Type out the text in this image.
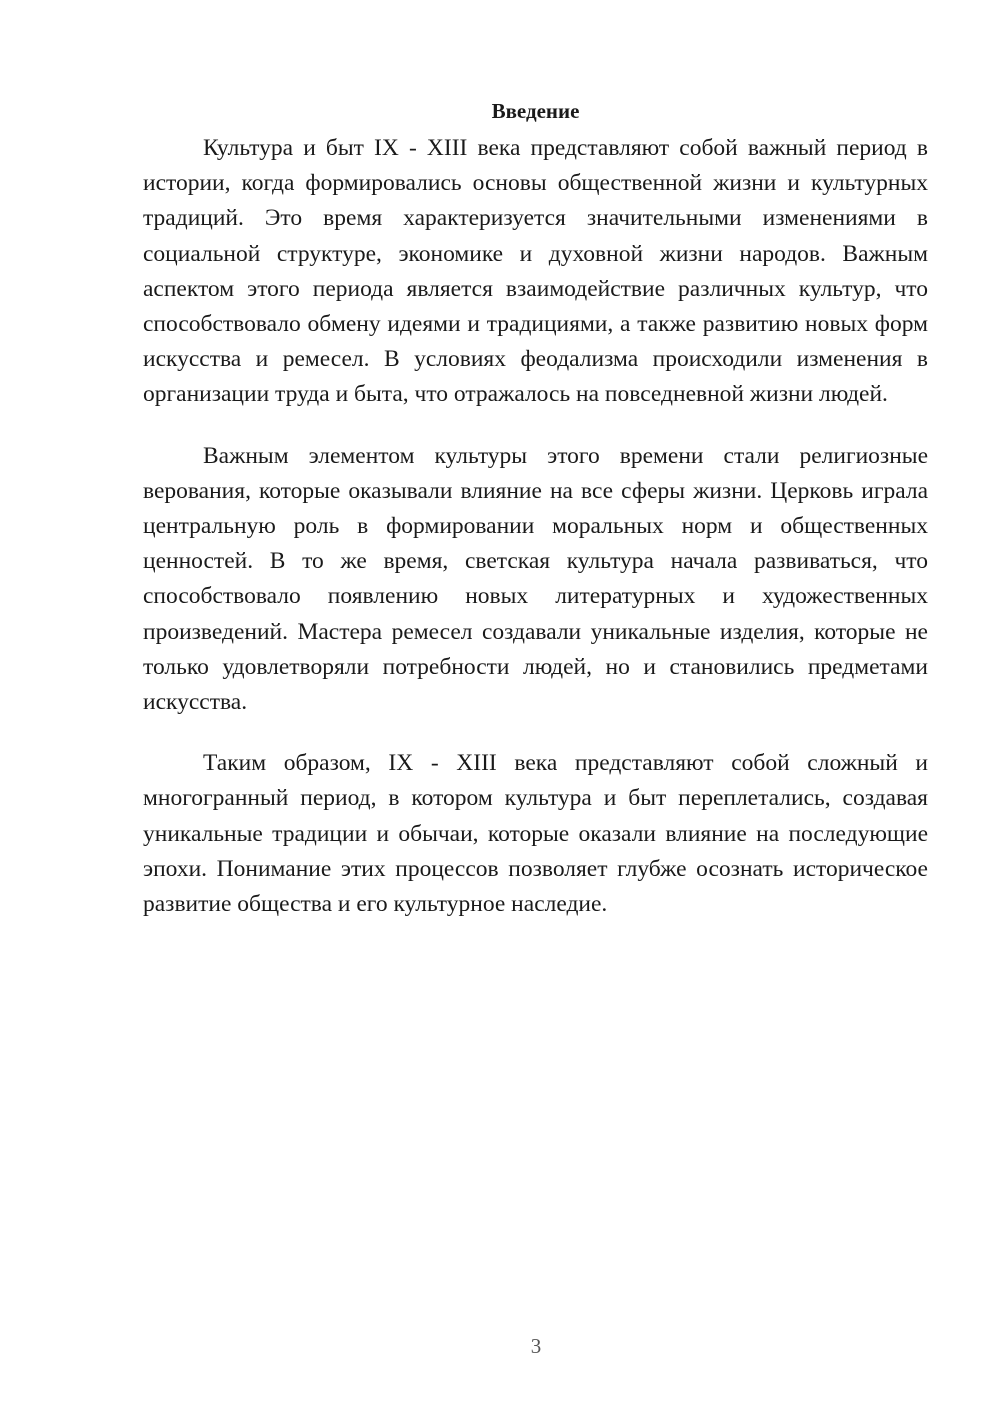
Введение

Культура и быт IX - XIII века представляют собой важный период в истории, когда формировались основы общественной жизни и культурных традиций. Это время характеризуется значительными изменениями в социальной структуре, экономике и духовной жизни народов. Важным аспектом этого периода является взаимодействие различных культур, что способствовало обмену идеями и традициями, а также развитию новых форм искусства и ремесел. В условиях феодализма происходили изменения в организации труда и быта, что отражалось на повседневной жизни людей.

Важным элементом культуры этого времени стали религиозные верования, которые оказывали влияние на все сферы жизни. Церковь играла центральную роль в формировании моральных норм и общественных ценностей. В то же время, светская культура начала развиваться, что способствовало появлению новых литературных и художественных произведений. Мастера ремесел создавали уникальные изделия, которые не только удовлетворяли потребности людей, но и становились предметами искусства.

Таким образом, IX - XIII века представляют собой сложный и многогранный период, в котором культура и быт переплетались, создавая уникальные традиции и обычаи, которые оказали влияние на последующие эпохи. Понимание этих процессов позволяет глубже осознать историческое развитие общества и его культурное наследие.

3
